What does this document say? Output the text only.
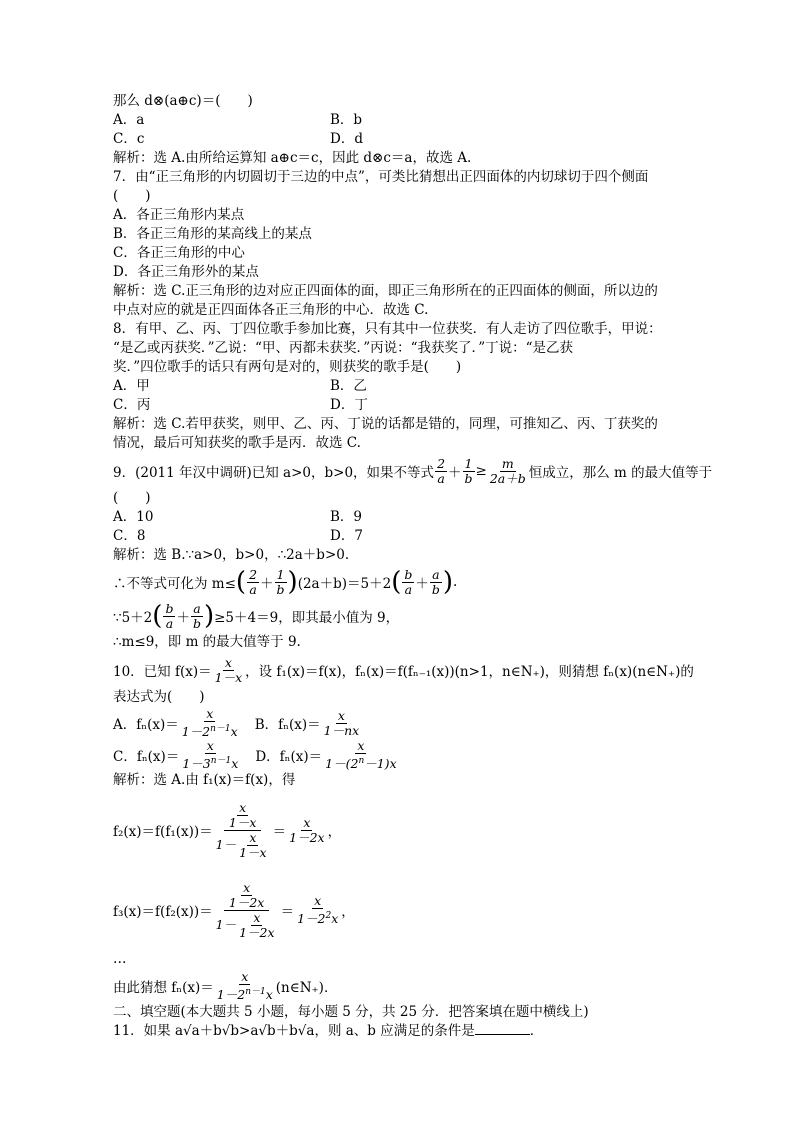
那么 d⊗(a⊕c)＝(　　)
A．a	B．b
C．c	D．d
解析：选 A.由所给运算知 a⊕c＝c，因此 d⊗c＝a，故选 A.
7．由“正三角形的内切圆切于三边的中点”，可类比猜想出正四面体的内切球切于四个侧面
(　　)
A．各正三角形内某点
B．各正三角形的某高线上的某点
C．各正三角形的中心
D．各正三角形外的某点
解析：选 C.正三角形的边对应正四面体的面，即正三角形所在的正四面体的侧面，所以边的
中点对应的就是正四面体各正三角形的中心．故选 C.
8．有甲、乙、丙、丁四位歌手参加比赛，只有其中一位获奖．有人走访了四位歌手，甲说：
“是乙或丙获奖．”乙说：“甲、丙都未获奖．”丙说：“我获奖了．”丁说：“是乙获
奖．”四位歌手的话只有两句是对的，则获奖的歌手是(　　)
A．甲	B．乙
C．丙	D．丁
解析：选 C.若甲获奖，则甲、乙、丙、丁说的话都是错的，同理，可推知乙、丙、丁获奖的
情况，最后可知获奖的歌手是丙．故选 C.
9．(2011 年汉中调研)已知 a>0，b>0，如果不等式 $\frac{2}{a} + \frac{1}{b} \ge \frac{m}{2a+b}$ 恒成立，那么 m 的最大值等于
(　　)
A．10	B．9
C．8	D．7
解析：选 B.∵a>0，b>0，∴2a＋b>0.
∴不等式可化为 m≤ ( $\frac{2}{a} + \frac{1}{b}$ ) (2a＋b)＝5＋2 ( $\frac{b}{a} + \frac{a}{b}$ ) .
∵5＋2 ( $\frac{b}{a} + \frac{a}{b}$ ) ≥5＋4＝9，即其最小值为 9，
∴m≤9，即 m 的最大值等于 9.
10．已知 $f(x)= \frac{x}{1-x}$ ，设 f₁(x)＝f(x)，fₙ(x)＝f(fₙ₋₁(x))(n>1，n∈N₊)，则猜想 fₙ(x)(n∈N₊)的
表达式为(　　)
A．$f_n(x)= \frac{x}{1-2^{n-1}x}$ B．$f_n(x)= \frac{x}{1-nx}$
C．$f_n(x)= \frac{x}{1-3^{n-1}x}$ D．$f_n(x)= \frac{x}{1-(2^n-1)x}$
解析：选 A.由 f₁(x)＝f(x)，得
$f_2(x)=f(f_1(x))= \frac{\frac{x}{1-x}}{1- \frac{x}{1-x}} = \frac{x}{1-2x}$ ，
$f_3(x)=f(f_2(x))= \frac{\frac{x}{1-2x}}{1- \frac{x}{1-2x}} = \frac{x}{1-2^2x}$ ，
…
由此猜想 $f_n(x)= \frac{x}{1-2^{n-1}x}$ (n∈N₊)．
二、填空题(本大题共 5 小题，每小题 5 分，共 25 分．把答案填在题中横线上)
11．如果 a√a＋b√b>a√b＋b√a，则 a、b 应满足的条件是	．
